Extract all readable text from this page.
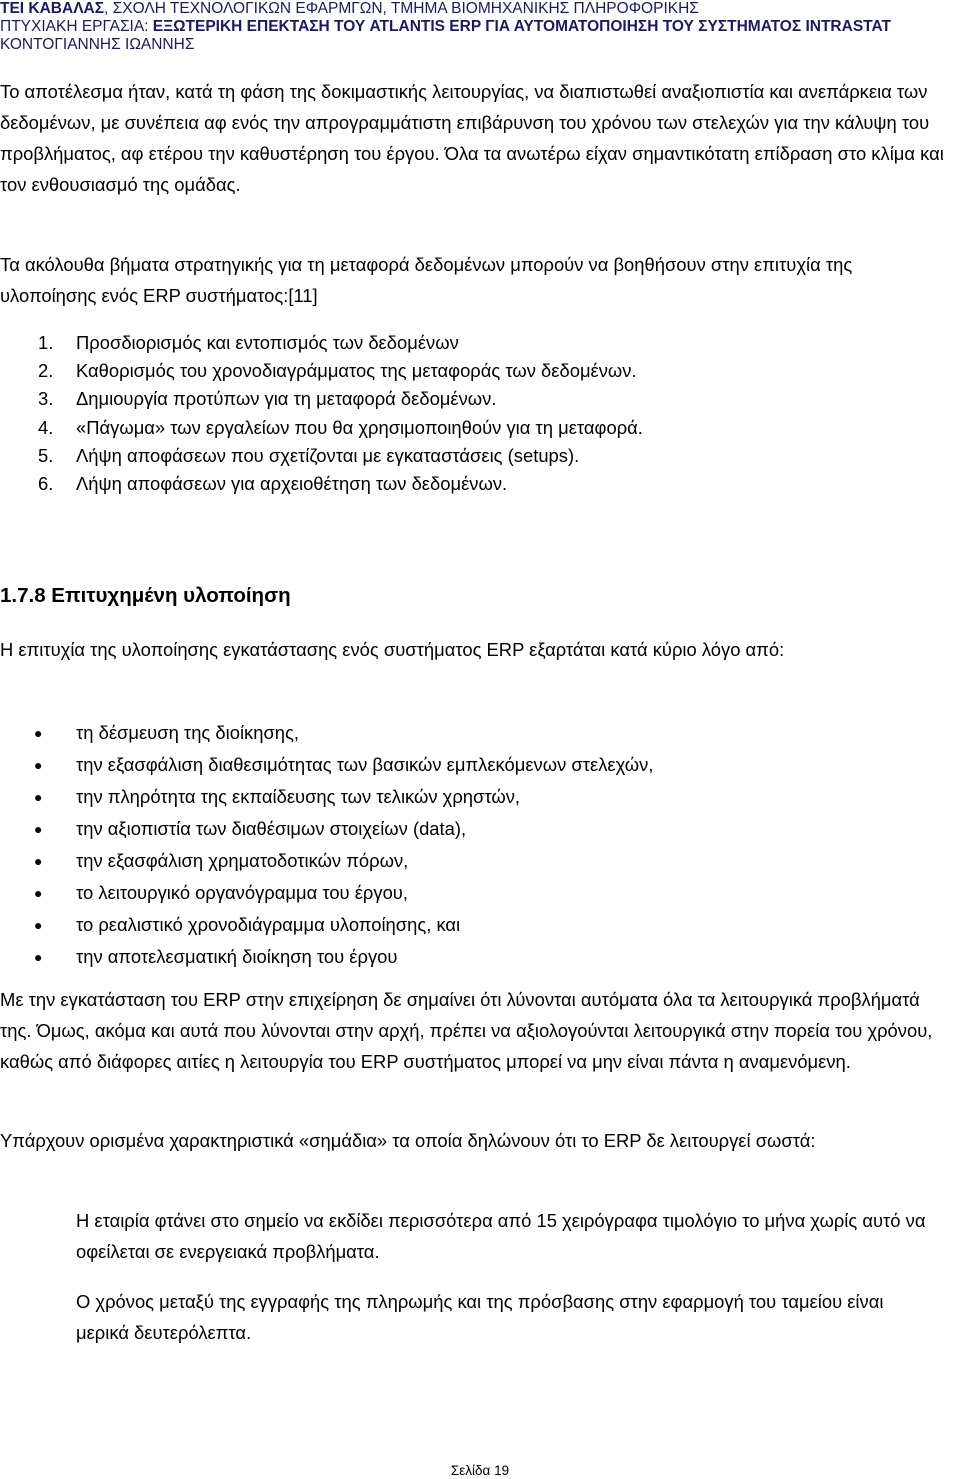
ΤΕΙ ΚΑΒΑΛΑΣ, ΣΧΟΛΗ ΤΕΧΝΟΛΟΓΙΚΩΝ ΕΦΑΡΜΓΩΝ, ΤΜΗΜΑ ΒΙΟΜΗΧΑΝΙΚΗΣ ΠΛΗΡΟΦΟΡΙΚΗΣ
ΠΤΥΧΙΑΚΗ ΕΡΓΑΣΙΑ: ΕΞΩΤΕΡΙΚΗ ΕΠΕΚΤΑΣΗ ΤΟΥ ATLANTIS ERP ΓΙΑ ΑΥΤΟΜΑΤΟΠΟΙΗΣΗ ΤΟΥ ΣΥΣΤΗΜΑΤΟΣ INTRASTAT
ΚΟΝΤΟΓΙΑΝΝΗΣ ΙΩΑΝΝΗΣ

Το αποτέλεσμα ήταν, κατά τη φάση της δοκιμαστικής λειτουργίας, να διαπιστωθεί αναξιοπιστία και ανεπάρκεια των δεδομένων, με συνέπεια αφ ενός την απρογραμμάτιστη επιβάρυνση του χρόνου των στελεχών για την κάλυψη του προβλήματος, αφ ετέρου την καθυστέρηση του έργου. Όλα τα ανωτέρω είχαν σημαντικότατη επίδραση στο κλίμα και τον ενθουσιασμό της ομάδας.

Τα ακόλουθα βήματα στρατηγικής για τη μεταφορά δεδομένων μπορούν να βοηθήσουν στην επιτυχία της υλοποίησης ενός ERP συστήματος:[11]

1. Προσδιορισμός και εντοπισμός των δεδομένων
2. Καθορισμός του χρονοδιαγράμματος της μεταφοράς των δεδομένων.
3. Δημιουργία προτύπων για τη μεταφορά δεδομένων.
4. «Πάγωμα» των εργαλείων που θα χρησιμοποιηθούν για τη μεταφορά.
5. Λήψη αποφάσεων που σχετίζονται με εγκαταστάσεις (setups).
6. Λήψη αποφάσεων για αρχειοθέτηση των δεδομένων.
1.7.8 Επιτυχημένη υλοποίηση

Η επιτυχία της υλοποίησης εγκατάστασης ενός συστήματος ERP εξαρτάται κατά κύριο λόγο από:

● τη δέσμευση της διοίκησης,
● την εξασφάλιση διαθεσιμότητας των βασικών εμπλεκόμενων στελεχών,
● την πληρότητα της εκπαίδευσης των τελικών χρηστών,
● την αξιοπιστία των διαθέσιμων στοιχείων (data),
● την εξασφάλιση χρηματοδοτικών πόρων,
● το λειτουργικό οργανόγραμμα του έργου,
● το ρεαλιστικό χρονοδιάγραμμα υλοποίησης, και
● την αποτελεσματική διοίκηση του έργου

Με την εγκατάσταση του ERP στην επιχείρηση δε σημαίνει ότι λύνονται αυτόματα όλα τα λειτουργικά προβλήματά της. Όμως, ακόμα και αυτά που λύνονται στην αρχή, πρέπει να αξιολογούνται λειτουργικά στην πορεία του χρόνου, καθώς από διάφορες αιτίες η λειτουργία του ERP συστήματος μπορεί να μην είναι πάντα η αναμενόμενη.

Υπάρχουν ορισμένα χαρακτηριστικά «σημάδια» τα οποία δηλώνουν ότι το ERP δε λειτουργεί σωστά:

Η εταιρία φτάνει στο σημείο να εκδίδει περισσότερα από 15 χειρόγραφα τιμολόγιο το μήνα χωρίς αυτό να οφείλεται σε ενεργειακά προβλήματα.

Ο χρόνος μεταξύ της εγγραφής της πληρωμής και της πρόσβασης στην εφαρμογή του ταμείου είναι μερικά δευτερόλεπτα.

Σελίδα 19
